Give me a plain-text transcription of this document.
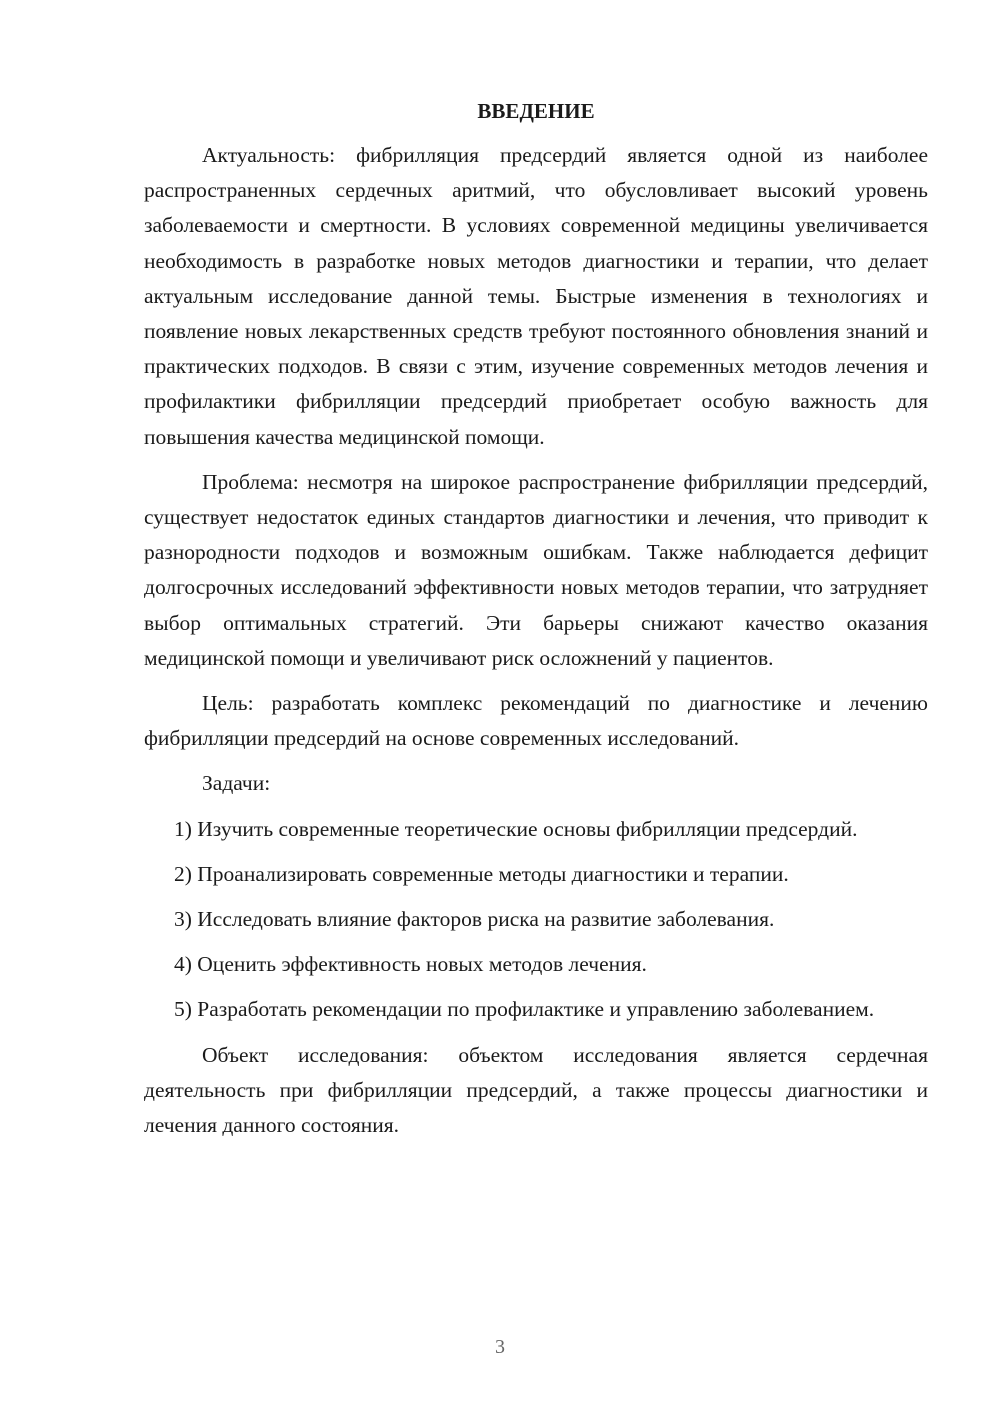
ВВЕДЕНИЕ

Актуальность: фибрилляция предсердий является одной из наиболее распространенных сердечных аритмий, что обусловливает высокий уровень заболеваемости и смертности. В условиях современной медицины увеличивается необходимость в разработке новых методов диагностики и терапии, что делает актуальным исследование данной темы. Быстрые изменения в технологиях и появление новых лекарственных средств требуют постоянного обновления знаний и практических подходов. В связи с этим, изучение современных методов лечения и профилактики фибрилляции предсердий приобретает особую важность для повышения качества медицинской помощи.

Проблема: несмотря на широкое распространение фибрилляции предсердий, существует недостаток единых стандартов диагностики и лечения, что приводит к разнородности подходов и возможным ошибкам. Также наблюдается дефицит долгосрочных исследований эффективности новых методов терапии, что затрудняет выбор оптимальных стратегий. Эти барьеры снижают качество оказания медицинской помощи и увеличивают риск осложнений у пациентов.

Цель: разработать комплекс рекомендаций по диагностике и лечению фибрилляции предсердий на основе современных исследований.

Задачи:

1) Изучить современные теоретические основы фибрилляции предсердий.

2) Проанализировать современные методы диагностики и терапии.

3) Исследовать влияние факторов риска на развитие заболевания.

4) Оценить эффективность новых методов лечения.

5) Разработать рекомендации по профилактике и управлению заболеванием.

Объект исследования: объектом исследования является сердечная деятельность при фибрилляции предсердий, а также процессы диагностики и лечения данного состояния.

3
